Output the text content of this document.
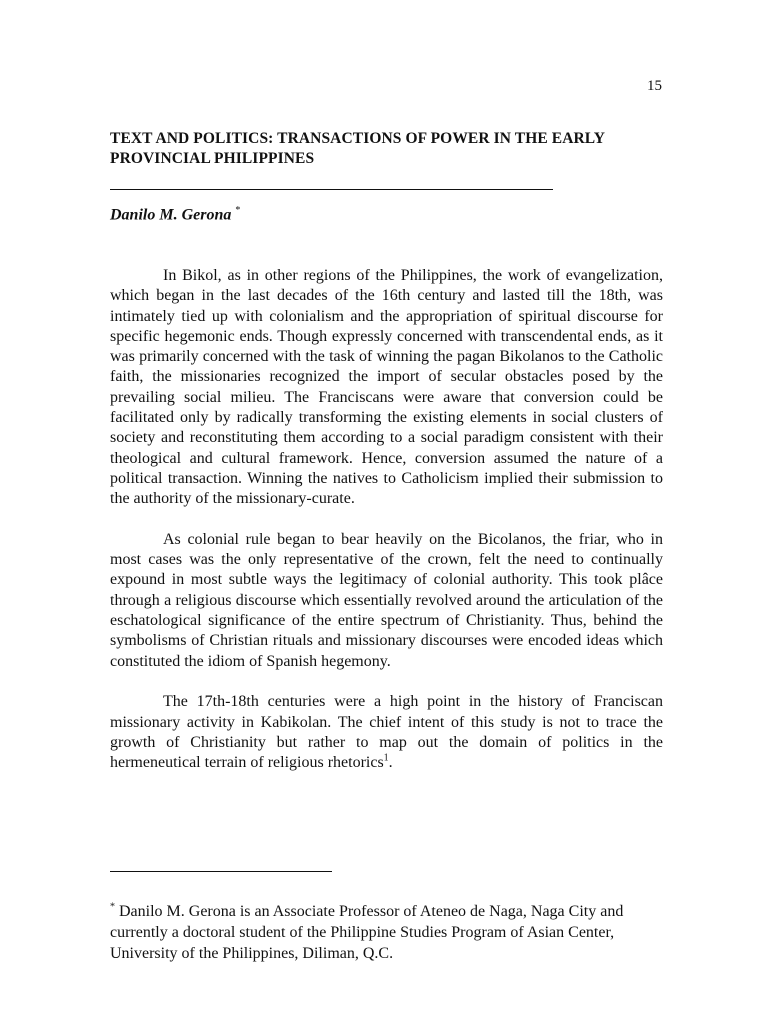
15
TEXT AND POLITICS: TRANSACTIONS OF POWER IN THE EARLY PROVINCIAL PHILIPPINES
Danilo M. Gerona *

In Bikol, as in other regions of the Philippines, the work of evangelization, which began in the last decades of the 16th century and lasted till the 18th, was intimately tied up with colonialism and the appropriation of spiritual discourse for specific hegemonic ends. Though expressly concerned with transcendental ends, as it was primarily concerned with the task of winning the pagan Bikolanos to the Catholic faith, the missionaries recognized the import of secular obstacles posed by the prevailing social milieu. The Franciscans were aware that conversion could be facilitated only by radically transforming the existing elements in social clusters of society and reconstituting them according to a social paradigm consistent with their theological and cultural framework. Hence, conversion assumed the nature of a political transaction. Winning the natives to Catholicism implied their submission to the authority of the missionary-curate.

As colonial rule began to bear heavily on the Bicolanos, the friar, who in most cases was the only representative of the crown, felt the need to continually expound in most subtle ways the legitimacy of colonial authority. This took plâce through a religious discourse which essentially revolved around the articulation of the eschatological significance of the entire spectrum of Christianity. Thus, behind the symbolisms of Christian rituals and missionary discourses were encoded ideas which constituted the idiom of Spanish hegemony.

The 17th-18th centuries were a high point in the history of Franciscan missionary activity in Kabikolan. The chief intent of this study is not to trace the growth of Christianity but rather to map out the domain of politics in the hermeneutical terrain of religious rhetorics$^1$.

* Danilo M. Gerona is an Associate Professor of Ateneo de Naga, Naga City and currently a doctoral student of the Philippine Studies Program of Asian Center, University of the Philippines, Diliman, Q.C.
